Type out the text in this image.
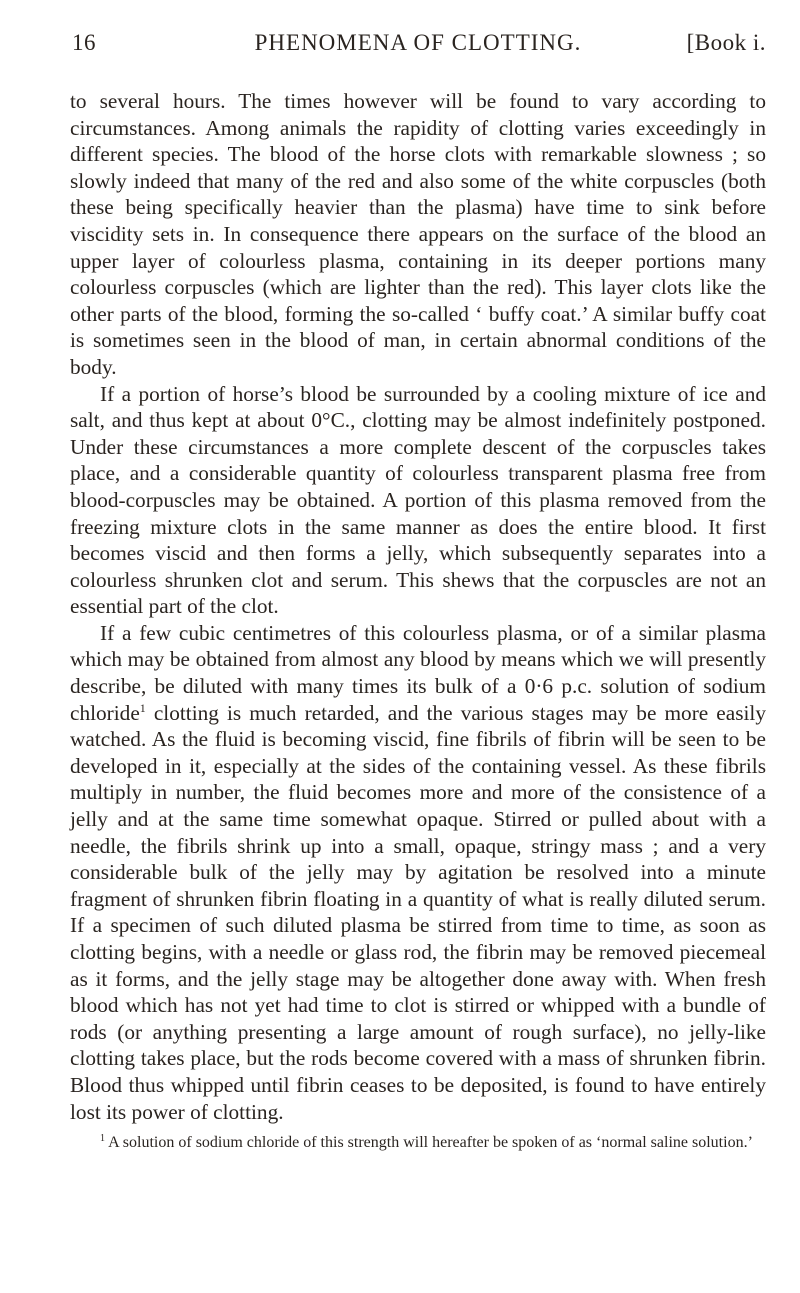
16	PHENOMENA OF CLOTTING.	[Book i.

to several hours. The times however will be found to vary according to circumstances. Among animals the rapidity of clotting varies exceedingly in different species. The blood of the horse clots with remarkable slowness ; so slowly indeed that many of the red and also some of the white corpuscles (both these being specifically heavier than the plasma) have time to sink before viscidity sets in. In consequence there appears on the surface of the blood an upper layer of colourless plasma, containing in its deeper portions many colourless corpuscles (which are lighter than the red). This layer clots like the other parts of the blood, forming the so-called ‘ buffy coat.’ A similar buffy coat is sometimes seen in the blood of man, in certain abnormal conditions of the body.

If a portion of horse’s blood be surrounded by a cooling mixture of ice and salt, and thus kept at about 0°C., clotting may be almost indefinitely postponed. Under these circumstances a more complete descent of the corpuscles takes place, and a considerable quantity of colourless transparent plasma free from blood-corpuscles may be obtained. A portion of this plasma removed from the freezing mixture clots in the same manner as does the entire blood. It first becomes viscid and then forms a jelly, which subsequently separates into a colourless shrunken clot and serum. This shews that the corpuscles are not an essential part of the clot.

If a few cubic centimetres of this colourless plasma, or of a similar plasma which may be obtained from almost any blood by means which we will presently describe, be diluted with many times its bulk of a 0·6 p.c. solution of sodium chloride$^1$ clotting is much retarded, and the various stages may be more easily watched. As the fluid is becoming viscid, fine fibrils of fibrin will be seen to be developed in it, especially at the sides of the containing vessel. As these fibrils multiply in number, the fluid becomes more and more of the consistence of a jelly and at the same time somewhat opaque. Stirred or pulled about with a needle, the fibrils shrink up into a small, opaque, stringy mass ; and a very considerable bulk of the jelly may by agitation be resolved into a minute fragment of shrunken fibrin floating in a quantity of what is really diluted serum. If a specimen of such diluted plasma be stirred from time to time, as soon as clotting begins, with a needle or glass rod, the fibrin may be removed piecemeal as it forms, and the jelly stage may be altogether done away with. When fresh blood which has not yet had time to clot is stirred or whipped with a bundle of rods (or anything presenting a large amount of rough surface), no jelly-like clotting takes place, but the rods become covered with a mass of shrunken fibrin. Blood thus whipped until fibrin ceases to be deposited, is found to have entirely lost its power of clotting.

$^1$ A solution of sodium chloride of this strength will hereafter be spoken of as ‘normal saline solution.’
